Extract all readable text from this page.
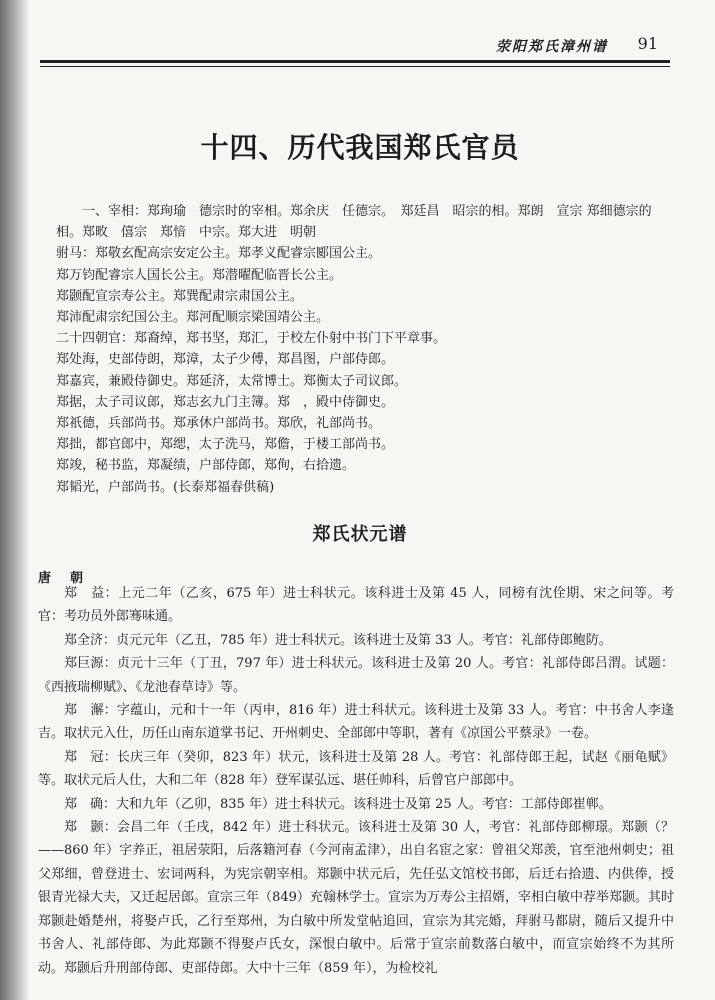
荥阳郑氏漳州谱 91
十四、历代我国郑氏官员

一、宰相：郑珣瑜　德宗时的宰相。郑余庆　任德宗。　郑廷昌　昭宗的相。郑朗　宣宗 郑细德宗的相。郑畋　僖宗　郑愔　中宗。郑大进　明朝

驸马：郑敬玄配高宗安定公主。郑孝义配睿宗郾国公主。

郑万钧配睿宗人国长公主。郑潜曜配临晋长公主。

郑颢配宣宗寿公主。郑巽配肃宗肃国公主。

郑沛配肃宗纪国公主。郑河配顺宗梁国靖公主。

二十四朝官：郑裔绰，郑书坚，郑汇，于校左仆射中书门下平章事。

郑处海，史部侍朗，郑漳，太子少傅，郑昌图，户部侍郎。

郑嘉宾，兼殿侍御史。郑延济，太常博士。郑衡太子司议郎。

郑据，太子司议郎，郑志玄九门主簿。郑　，殿中侍御史。

郑祇德，兵部尚书。郑承休户部尚书。郑欣，礼部尚书。

郑拙，都官郎中，郑缌，太子洗马，郑儋，于楼工部尚书。

郑竣，秘书监，郑凝绩，户部侍郎，郑侚，右拾遗。

郑韬光，户部尚书。(长泰郑福春供稿)

郑氏状元谱
唐　朝

郑　益：上元二年（乙亥，675 年）进士科状元。该科进士及第 45 人，同榜有沈佺期、宋之问等。考官：考功员外郎骞味通。

郑全济：贞元元年（乙丑，785 年）进士科状元。该科进士及第 33 人。考官：礼部侍郎鲍防。

郑巨源：贞元十三年（丁丑，797 年）进士科状元。该科进士及第 20 人。考官：礼部侍郎吕渭。试题：《西掖瑞柳赋》、《龙池春草诗》等。

郑　澥：字蕴山，元和十一年（丙申，816 年）进士科状元。该科进士及第 33 人。考官：中书舍人李逢吉。取状元入仕，历任山南东道掌书记、开州刺史、全部郎中等职，著有《凉国公平蔡录》一卷。

郑　冠：长庆三年（癸卯，823 年）状元，该科进士及第 28 人。考官：礼部侍郎王起，试赵《丽龟赋》等。取状元后人仕，大和二年（828 年）登军谋弘远、堪任帅科，后曾官户部郎中。

郑　确：大和九年（乙卯，835 年）进士科状元。该科进士及第 25 人。考官：工部侍郎崔郸。

郑　颢：会昌二年（壬戌，842 年）进士科状元。该科进士及第 30 人，考官：礼部侍郎柳璟。郑颢（？——860 年）字养正，祖居荥阳，后落籍河春（今河南孟津），出自名宦之家：曾祖父郑羡，官至池州刺史；祖父郑细，曾登进士、宏词两科，为宪宗朝宰相。郑颢中状元后，先任弘文馆校书郎，后迁右拾遗、内供俸，授银青光禄大夫，又迁起居郎。宣宗三年（849）充翰林学士。宣宗为万寿公主招婿，宰相白敏中荐举郑颢。其时郑颢赴婚楚州，将娶卢氏，乙行至郑州，为白敏中所发堂帖追回，宣宗为其完婚，拜驸马都尉，随后又提升中书舍人、礼部侍郎、为此郑颢不得娶卢氏女，深恨白敏中。后常于宣宗前数落白敏中，而宣宗始终不为其所动。郑颢后升刑部侍郎、吏部侍郎。大中十三年（859 年），为检校礼
